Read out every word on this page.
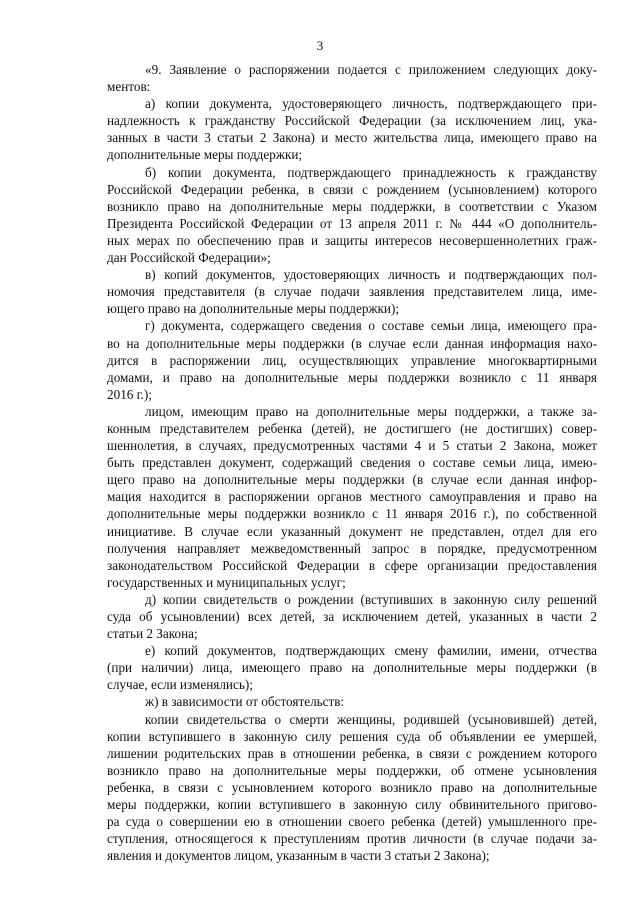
3

«9. Заявление о распоряжении подается с приложением следующих доку-
ментов:

а) копии документа, удостоверяющего личность, подтверждающего при-
надлежность к гражданству Российской Федерации (за исключением лиц, ука-
занных в части 3 статьи 2 Закона) и место жительства лица, имеющего право на
дополнительные меры поддержки;

б) копии документа, подтверждающего принадлежность к гражданству
Российской Федерации ребенка, в связи с рождением (усыновлением) которого
возникло право на дополнительные меры поддержки, в соответствии с Указом
Президента Российской Федерации от 13 апреля 2011 г. № 444 «О дополнитель-
ных мерах по обеспечению прав и защиты интересов несовершеннолетних граж-
дан Российской Федерации»;

в) копий документов, удостоверяющих личность и подтверждающих пол-
номочия представителя (в случае подачи заявления представителем лица, име-
ющего право на дополнительные меры поддержки);

г) документа, содержащего сведения о составе семьи лица, имеющего пра-
во на дополнительные меры поддержки (в случае если данная информация нахо-
дится в распоряжении лиц, осуществляющих управление многоквартирными
домами, и право на дополнительные меры поддержки возникло с 11 января
2016 г.);

лицом, имеющим право на дополнительные меры поддержки, а также за-
конным представителем ребенка (детей), не достигшего (не достигших) совер-
шеннолетия, в случаях, предусмотренных частями 4 и 5 статьи 2 Закона, может
быть представлен документ, содержащий сведения о составе семьи лица, имею-
щего право на дополнительные меры поддержки (в случае если данная инфор-
мация находится в распоряжении органов местного самоуправления и право на
дополнительные меры поддержки возникло с 11 января 2016 г.), по собственной
инициативе. В случае если указанный документ не представлен, отдел для его
получения направляет межведомственный запрос в порядке, предусмотренном
законодательством Российской Федерации в сфере организации предоставления
государственных и муниципальных услуг;

д) копии свидетельств о рождении (вступивших в законную силу решений
суда об усыновлении) всех детей, за исключением детей, указанных в части 2
статьи 2 Закона;

е) копий документов, подтверждающих смену фамилии, имени, отчества
(при наличии) лица, имеющего право на дополнительные меры поддержки (в
случае, если изменялись);

ж) в зависимости от обстоятельств:

копии свидетельства о смерти женщины, родившей (усыновившей) детей,
копии вступившего в законную силу решения суда об объявлении ее умершей,
лишении родительских прав в отношении ребенка, в связи с рождением которого
возникло право на дополнительные меры поддержки, об отмене усыновления
ребенка, в связи с усыновлением которого возникло право на дополнительные
меры поддержки, копии вступившего в законную силу обвинительного пригово-
ра суда о совершении ею в отношении своего ребенка (детей) умышленного пре-
ступления, относящегося к преступлениям против личности (в случае подачи за-
явления и документов лицом, указанным в части 3 статьи 2 Закона);
